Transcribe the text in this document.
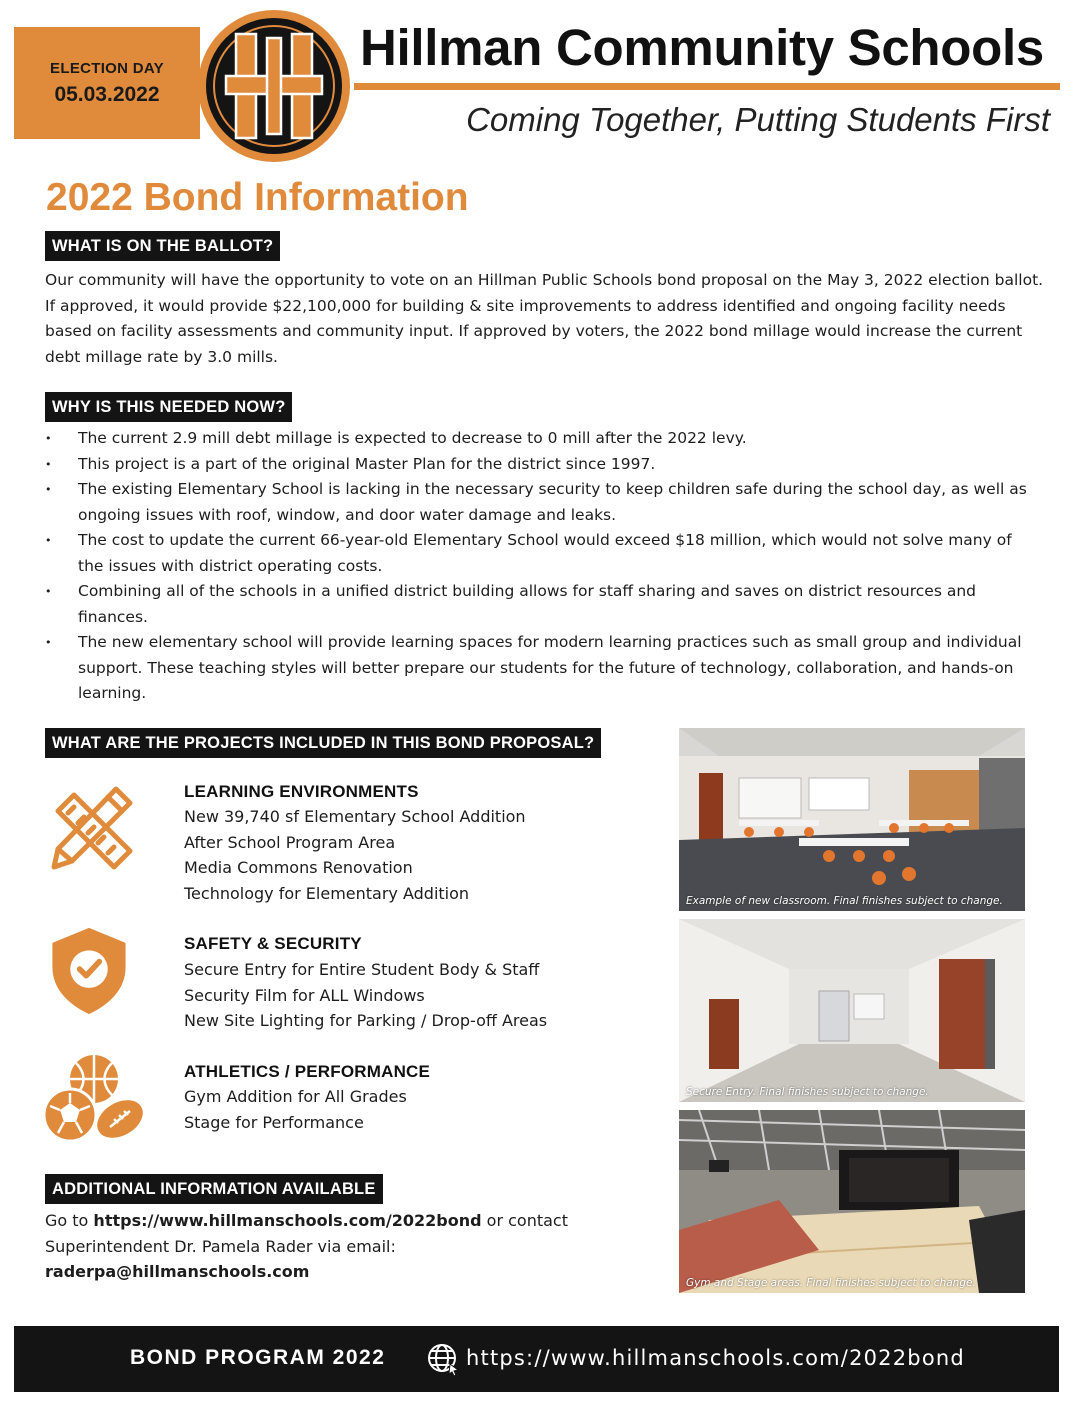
ELECTION DAY
05.03.2022
Hillman Community Schools
Coming Together, Putting Students First
2022 Bond Information
WHAT IS ON THE BALLOT?
Our community will have the opportunity to vote on an Hillman Public Schools bond proposal on the May 3, 2022 election ballot. If approved, it would provide $22,100,000 for building & site improvements to address identified and ongoing facility needs based on facility assessments and community input. If approved by voters, the 2022 bond millage would increase the current debt millage rate by 3.0 mills.
WHY IS THIS NEEDED NOW?
• The current 2.9 mill debt millage is expected to decrease to 0 mill after the 2022 levy.
• This project is a part of the original Master Plan for the district since 1997.
• The existing Elementary School is lacking in the necessary security to keep children safe during the school day, as well as ongoing issues with roof, window, and door water damage and leaks.
• The cost to update the current 66-year-old Elementary School would exceed $18 million, which would not solve many of the issues with district operating costs.
• Combining all of the schools in a unified district building allows for staff sharing and saves on district resources and finances.
• The new elementary school will provide learning spaces for modern learning practices such as small group and individual support. These teaching styles will better prepare our students for the future of technology, collaboration, and hands-on learning.
WHAT ARE THE PROJECTS INCLUDED IN THIS BOND PROPOSAL?
LEARNING ENVIRONMENTS
New 39,740 sf Elementary School Addition
After School Program Area
Media Commons Renovation
Technology for Elementary Addition
SAFETY & SECURITY
Secure Entry for Entire Student Body & Staff
Security Film for ALL Windows
New Site Lighting for Parking / Drop-off Areas
ATHLETICS / PERFORMANCE
Gym Addition for All Grades
Stage for Performance
Example of new classroom. Final finishes subject to change.
Secure Entry. Final finishes subject to change.
Gym and Stage areas. Final finishes subject to change.
ADDITIONAL INFORMATION AVAILABLE
Go to https://www.hillmanschools.com/2022bond or contact Superintendent Dr. Pamela Rader via email:
raderpa@hillmanschools.com
BOND PROGRAM 2022	https://www.hillmanschools.com/2022bond
